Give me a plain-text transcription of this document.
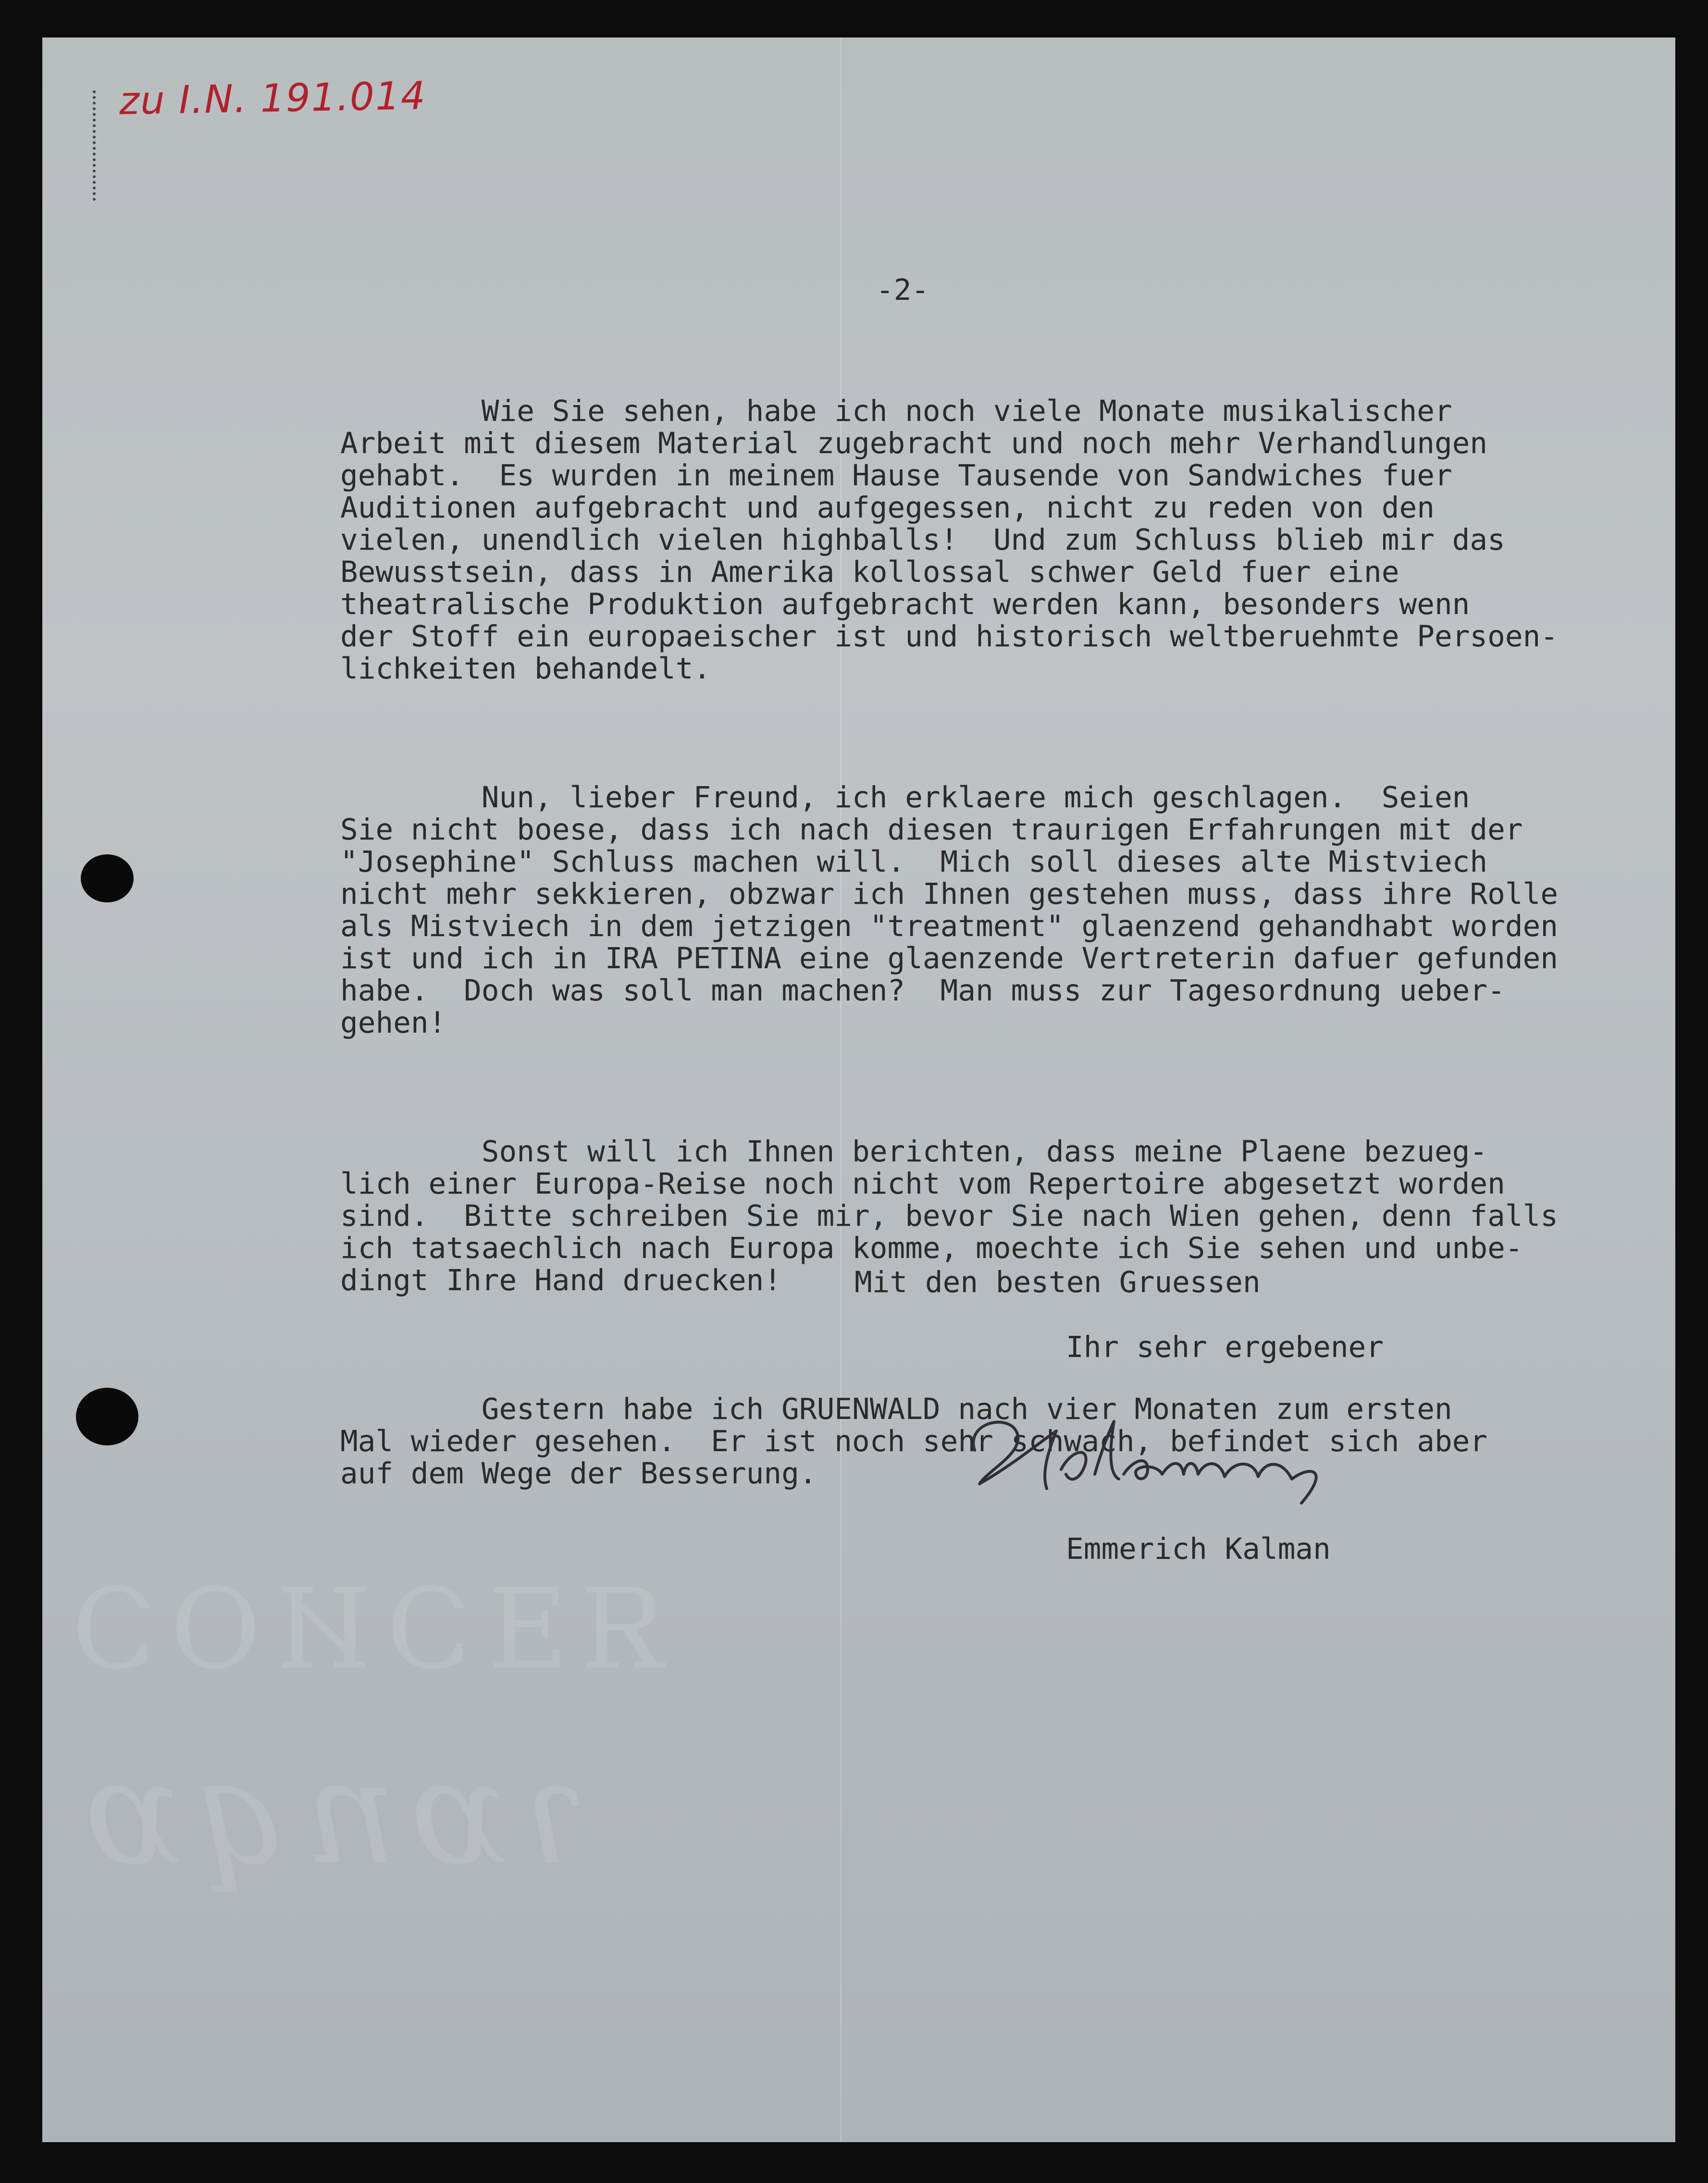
ЯƎƆИOƆ
ɿɒnqɒ
zu I.N. 191.014
-2-

Wie Sie sehen, habe ich noch viele Monate musikalischer
Arbeit mit diesem Material zugebracht und noch mehr Verhandlungen
gehabt.  Es wurden in meinem Hause Tausende von Sandwiches fuer
Auditionen aufgebracht und aufgegessen, nicht zu reden von den
vielen, unendlich vielen highballs!  Und zum Schluss blieb mir das
Bewusstsein, dass in Amerika kollossal schwer Geld fuer eine
theatralische Produktion aufgebracht werden kann, besonders wenn
der Stoff ein europaeischer ist und historisch weltberuehmte Persoen-
lichkeiten behandelt.

Nun, lieber Freund, ich erklaere mich geschlagen.  Seien
Sie nicht boese, dass ich nach diesen traurigen Erfahrungen mit der
"Josephine" Schluss machen will.  Mich soll dieses alte Mistviech
nicht mehr sekkieren, obzwar ich Ihnen gestehen muss, dass ihre Rolle
als Mistviech in dem jetzigen "treatment" glaenzend gehandhabt worden
ist und ich in IRA PETINA eine glaenzende Vertreterin dafuer gefunden
habe.  Doch was soll man machen?  Man muss zur Tagesordnung ueber-
gehen!

Sonst will ich Ihnen berichten, dass meine Plaene bezueg-
lich einer Europa-Reise noch nicht vom Repertoire abgesetzt worden
sind.  Bitte schreiben Sie mir, bevor Sie nach Wien gehen, denn falls
ich tatsaechlich nach Europa komme, moechte ich Sie sehen und unbe-
dingt Ihre Hand druecken!

Gestern habe ich GRUENWALD nach vier Monaten zum ersten
Mal wieder gesehen.  Er ist noch sehr schwach, befindet sich aber
auf dem Wege der Besserung.

Mit den besten Gruessen
Ihr sehr ergebener
EKalman
Emmerich Kalman
